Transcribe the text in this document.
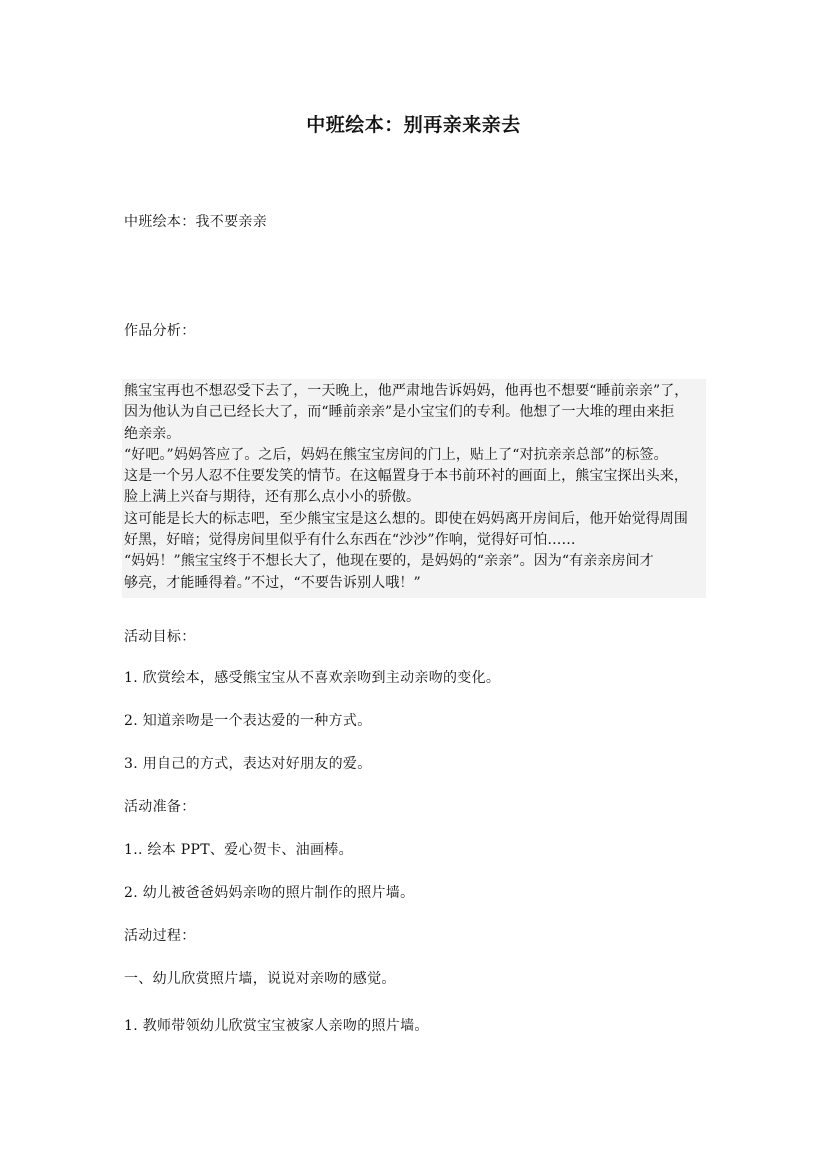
中班绘本：别再亲来亲去
中班绘本：我不要亲亲
作品分析：
熊宝宝再也不想忍受下去了，一天晚上，他严肃地告诉妈妈，他再也不想要“睡前亲亲”了，
因为他认为自己已经长大了，而“睡前亲亲”是小宝宝们的专利。他想了一大堆的理由来拒
绝亲亲。
“好吧。”妈妈答应了。之后，妈妈在熊宝宝房间的门上，贴上了“对抗亲亲总部”的标签。
这是一个另人忍不住要发笑的情节。在这幅置身于本书前环衬的画面上，熊宝宝探出头来，
脸上满上兴奋与期待，还有那么点小小的骄傲。
这可能是长大的标志吧，至少熊宝宝是这么想的。即使在妈妈离开房间后，他开始觉得周围
好黑，好暗；觉得房间里似乎有什么东西在“沙沙”作响，觉得好可怕……
“妈妈！”熊宝宝终于不想长大了，他现在要的，是妈妈的“亲亲”。因为“有亲亲房间才
够亮，才能睡得着。”不过，“不要告诉别人哦！”
活动目标：
1. 欣赏绘本，感受熊宝宝从不喜欢亲吻到主动亲吻的变化。
2. 知道亲吻是一个表达爱的一种方式。
3. 用自己的方式，表达对好朋友的爱。
活动准备：
1.. 绘本 PPT、爱心贺卡、油画棒。
2. 幼儿被爸爸妈妈亲吻的照片制作的照片墙。
活动过程：
一、幼儿欣赏照片墙，说说对亲吻的感觉。
1. 教师带领幼儿欣赏宝宝被家人亲吻的照片墙。
